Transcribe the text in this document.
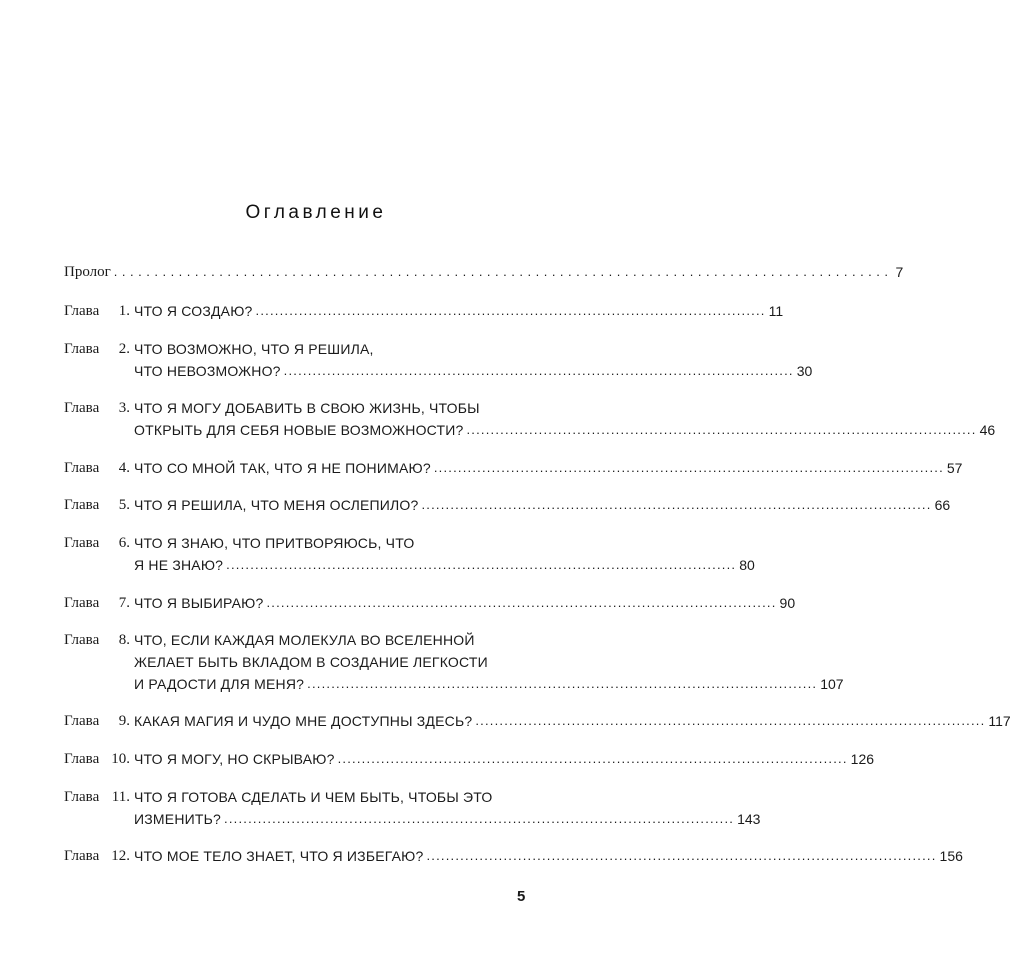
Оглавление
Пролог ................................................................................................ 7
Глава 1. ЧТО Я СОЗДАЮ? .......................................................................................................... 11
Глава 2. ЧТО ВОЗМОЖНО, ЧТО Я РЕШИЛА,
ЧТО НЕВОЗМОЖНО? .......................................................................................................... 30
Глава 3. ЧТО Я МОГУ ДОБАВИТЬ В СВОЮ ЖИЗНЬ, ЧТОБЫ
ОТКРЫТЬ ДЛЯ СЕБЯ НОВЫЕ ВОЗМОЖНОСТИ? .......................................................................................................... 46
Глава 4. ЧТО СО МНОЙ ТАК, ЧТО Я НЕ ПОНИМАЮ? .......................................................................................................... 57
Глава 5. ЧТО Я РЕШИЛА, ЧТО МЕНЯ ОСЛЕПИЛО? .......................................................................................................... 66
Глава 6. ЧТО Я ЗНАЮ, ЧТО ПРИТВОРЯЮСЬ, ЧТО
Я НЕ ЗНАЮ? .......................................................................................................... 80
Глава 7. ЧТО Я ВЫБИРАЮ? .......................................................................................................... 90
Глава 8. ЧТО, ЕСЛИ КАЖДАЯ МОЛЕКУЛА ВО ВСЕЛЕННОЙ
ЖЕЛАЕТ БЫТЬ ВКЛАДОМ В СОЗДАНИЕ ЛЕГКОСТИ
И РАДОСТИ ДЛЯ МЕНЯ? .......................................................................................................... 107
Глава 9. КАКАЯ МАГИЯ И ЧУДО МНЕ ДОСТУПНЫ ЗДЕСЬ? .......................................................................................................... 117
Глава 10. ЧТО Я МОГУ, НО СКРЫВАЮ? .......................................................................................................... 126
Глава 11. ЧТО Я ГОТОВА СДЕЛАТЬ И ЧЕМ БЫТЬ, ЧТОБЫ ЭТО
ИЗМЕНИТЬ? .......................................................................................................... 143
Глава 12. ЧТО МОЕ ТЕЛО ЗНАЕТ, ЧТО Я ИЗБЕГАЮ? .......................................................................................................... 156
5
